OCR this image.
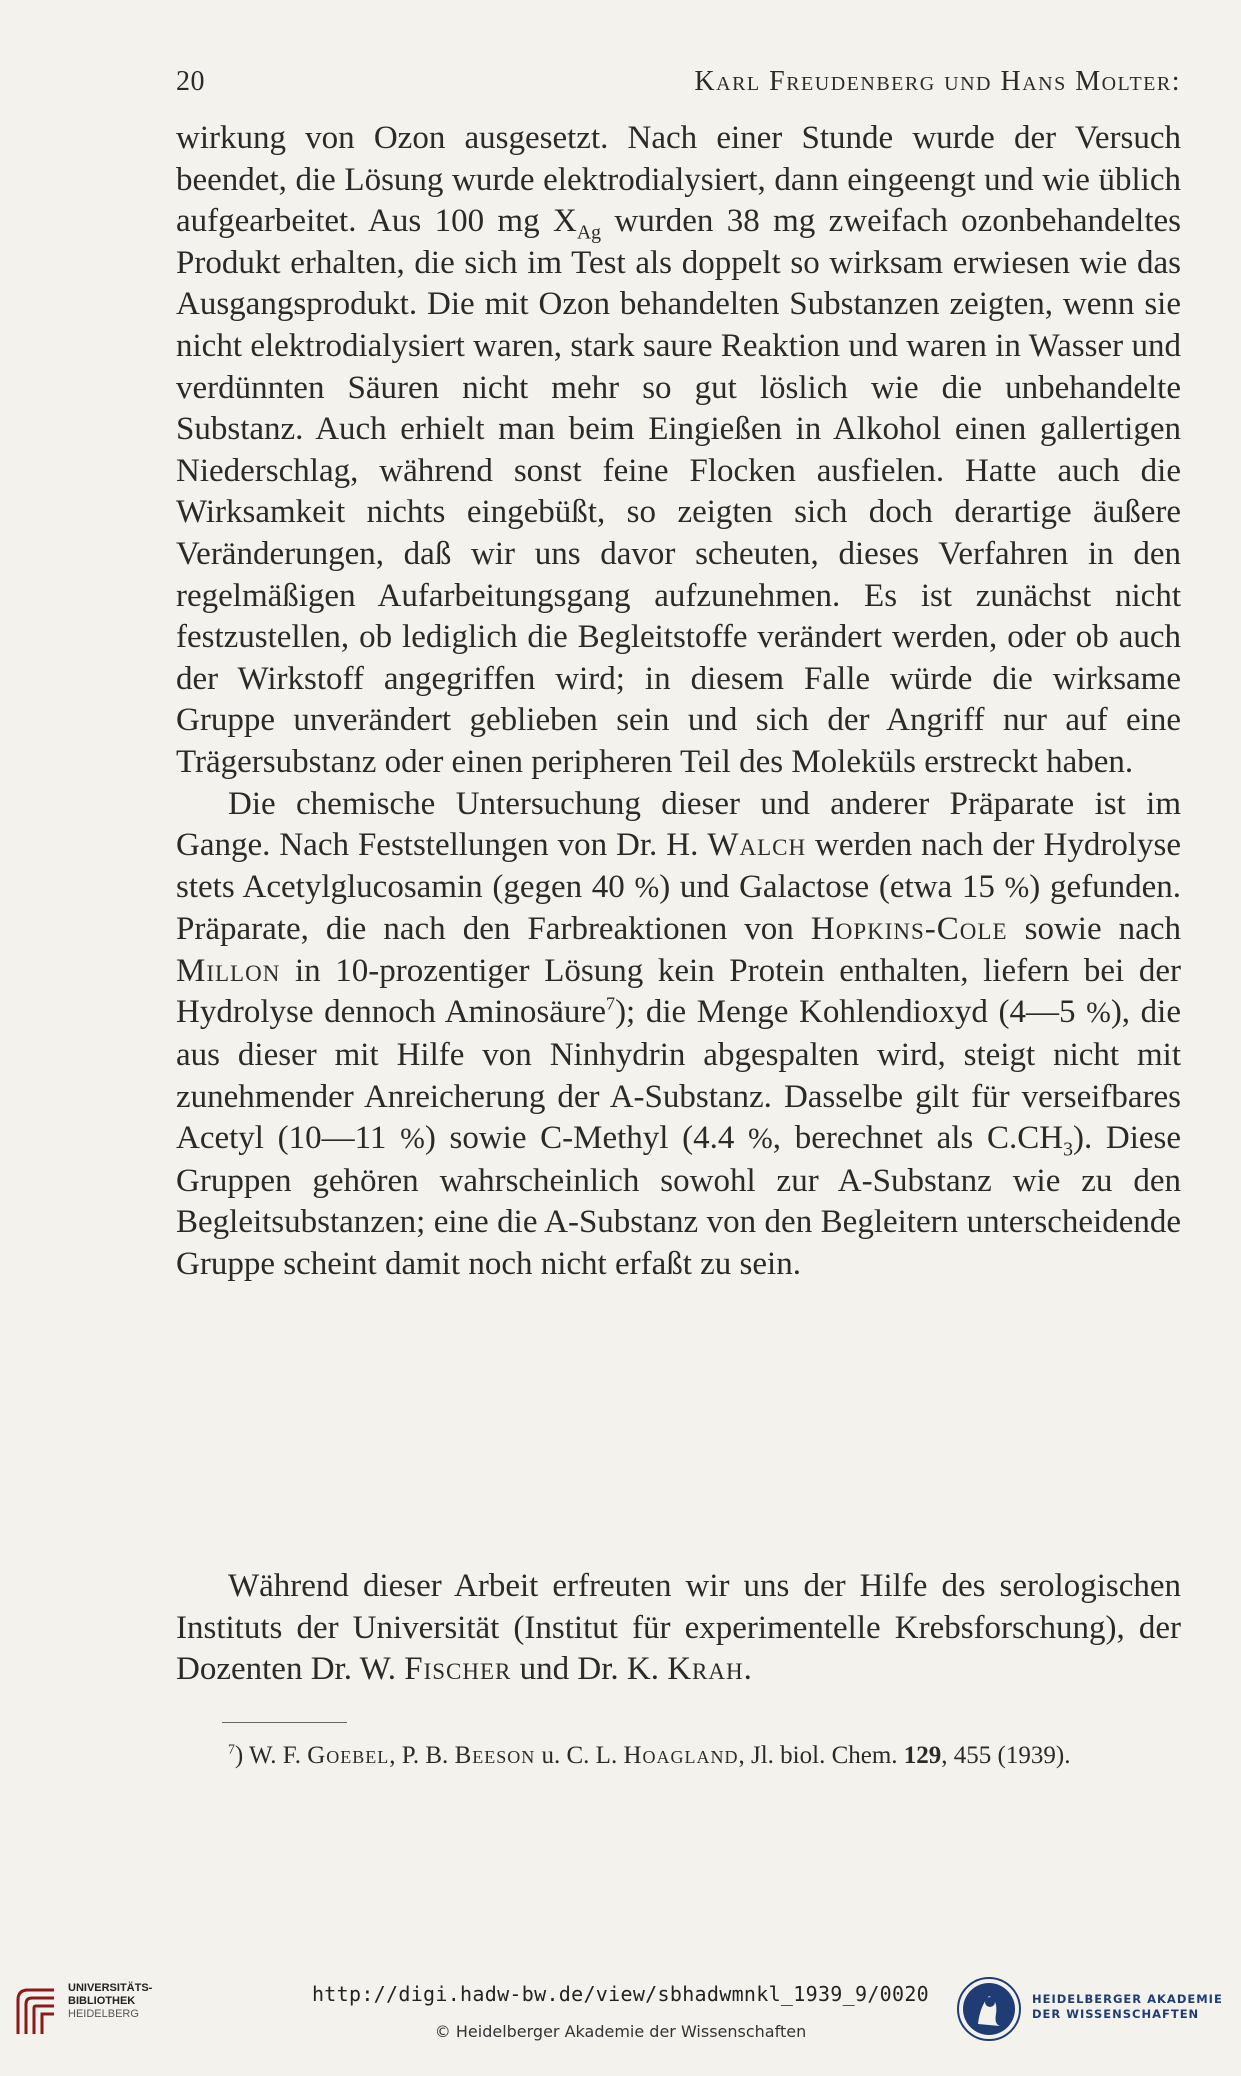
20	Karl Freudenberg und Hans Molter:

wirkung von Ozon ausgesetzt. Nach einer Stunde wurde der Versuch beendet, die Lösung wurde elektrodialysiert, dann eingeengt und wie üblich aufgearbeitet. Aus 100 mg $X_{Ag}$ wurden 38 mg zweifach ozonbehandeltes Produkt erhalten, die sich im Test als doppelt so wirksam erwiesen wie das Ausgangsprodukt. Die mit Ozon behandelten Substanzen zeigten, wenn sie nicht elektrodialysiert waren, stark saure Reaktion und waren in Wasser und verdünnten Säuren nicht mehr so gut löslich wie die unbehandelte Substanz. Auch erhielt man beim Eingießen in Alkohol einen gallertigen Niederschlag, während sonst feine Flocken ausfielen. Hatte auch die Wirksamkeit nichts eingebüßt, so zeigten sich doch derartige äußere Veränderungen, daß wir uns davor scheuten, dieses Verfahren in den regelmäßigen Aufarbeitungsgang aufzunehmen. Es ist zunächst nicht festzustellen, ob lediglich die Begleitstoffe verändert werden, oder ob auch der Wirkstoff angegriffen wird; in diesem Falle würde die wirksame Gruppe unverändert geblieben sein und sich der Angriff nur auf eine Trägersubstanz oder einen peripheren Teil des Moleküls erstreckt haben.

Die chemische Untersuchung dieser und anderer Präparate ist im Gange. Nach Feststellungen von Dr. H. Walch werden nach der Hydrolyse stets Acetylglucosamin (gegen 40 %) und Galactose (etwa 15 %) gefunden. Präparate, die nach den Farbreaktionen von Hopkins-Cole sowie nach Millon in 10-prozentiger Lösung kein Protein enthalten, liefern bei der Hydrolyse dennoch Aminosäure$^7$); die Menge Kohlendioxyd (4—5 %), die aus dieser mit Hilfe von Ninhydrin abgespalten wird, steigt nicht mit zunehmender Anreicherung der A-Substanz. Dasselbe gilt für verseifbares Acetyl (10—11 %) sowie C-Methyl (4.4 %, berechnet als $C.CH_3$). Diese Gruppen gehören wahrscheinlich sowohl zur A-Substanz wie zu den Begleitsubstanzen; eine die A-Substanz von den Begleitern unterscheidende Gruppe scheint damit noch nicht erfaßt zu sein.

Während dieser Arbeit erfreuten wir uns der Hilfe des serologischen Instituts der Universität (Institut für experimentelle Krebsforschung), der Dozenten Dr. W. Fischer und Dr. K. Krah.
$^7$) W. F. Goebel, P. B. Beeson u. C. L. Hoagland, Jl. biol. Chem. 129, 455 (1939).
UNIVERSITÄTS-
BIBLIOTHEK
HEIDELBERG
http://digi.hadw-bw.de/view/sbhadwmnkl_1939_9/0020
© Heidelberger Akademie der Wissenschaften
HEIDELBERGER AKADEMIE
DER WISSENSCHAFTEN
